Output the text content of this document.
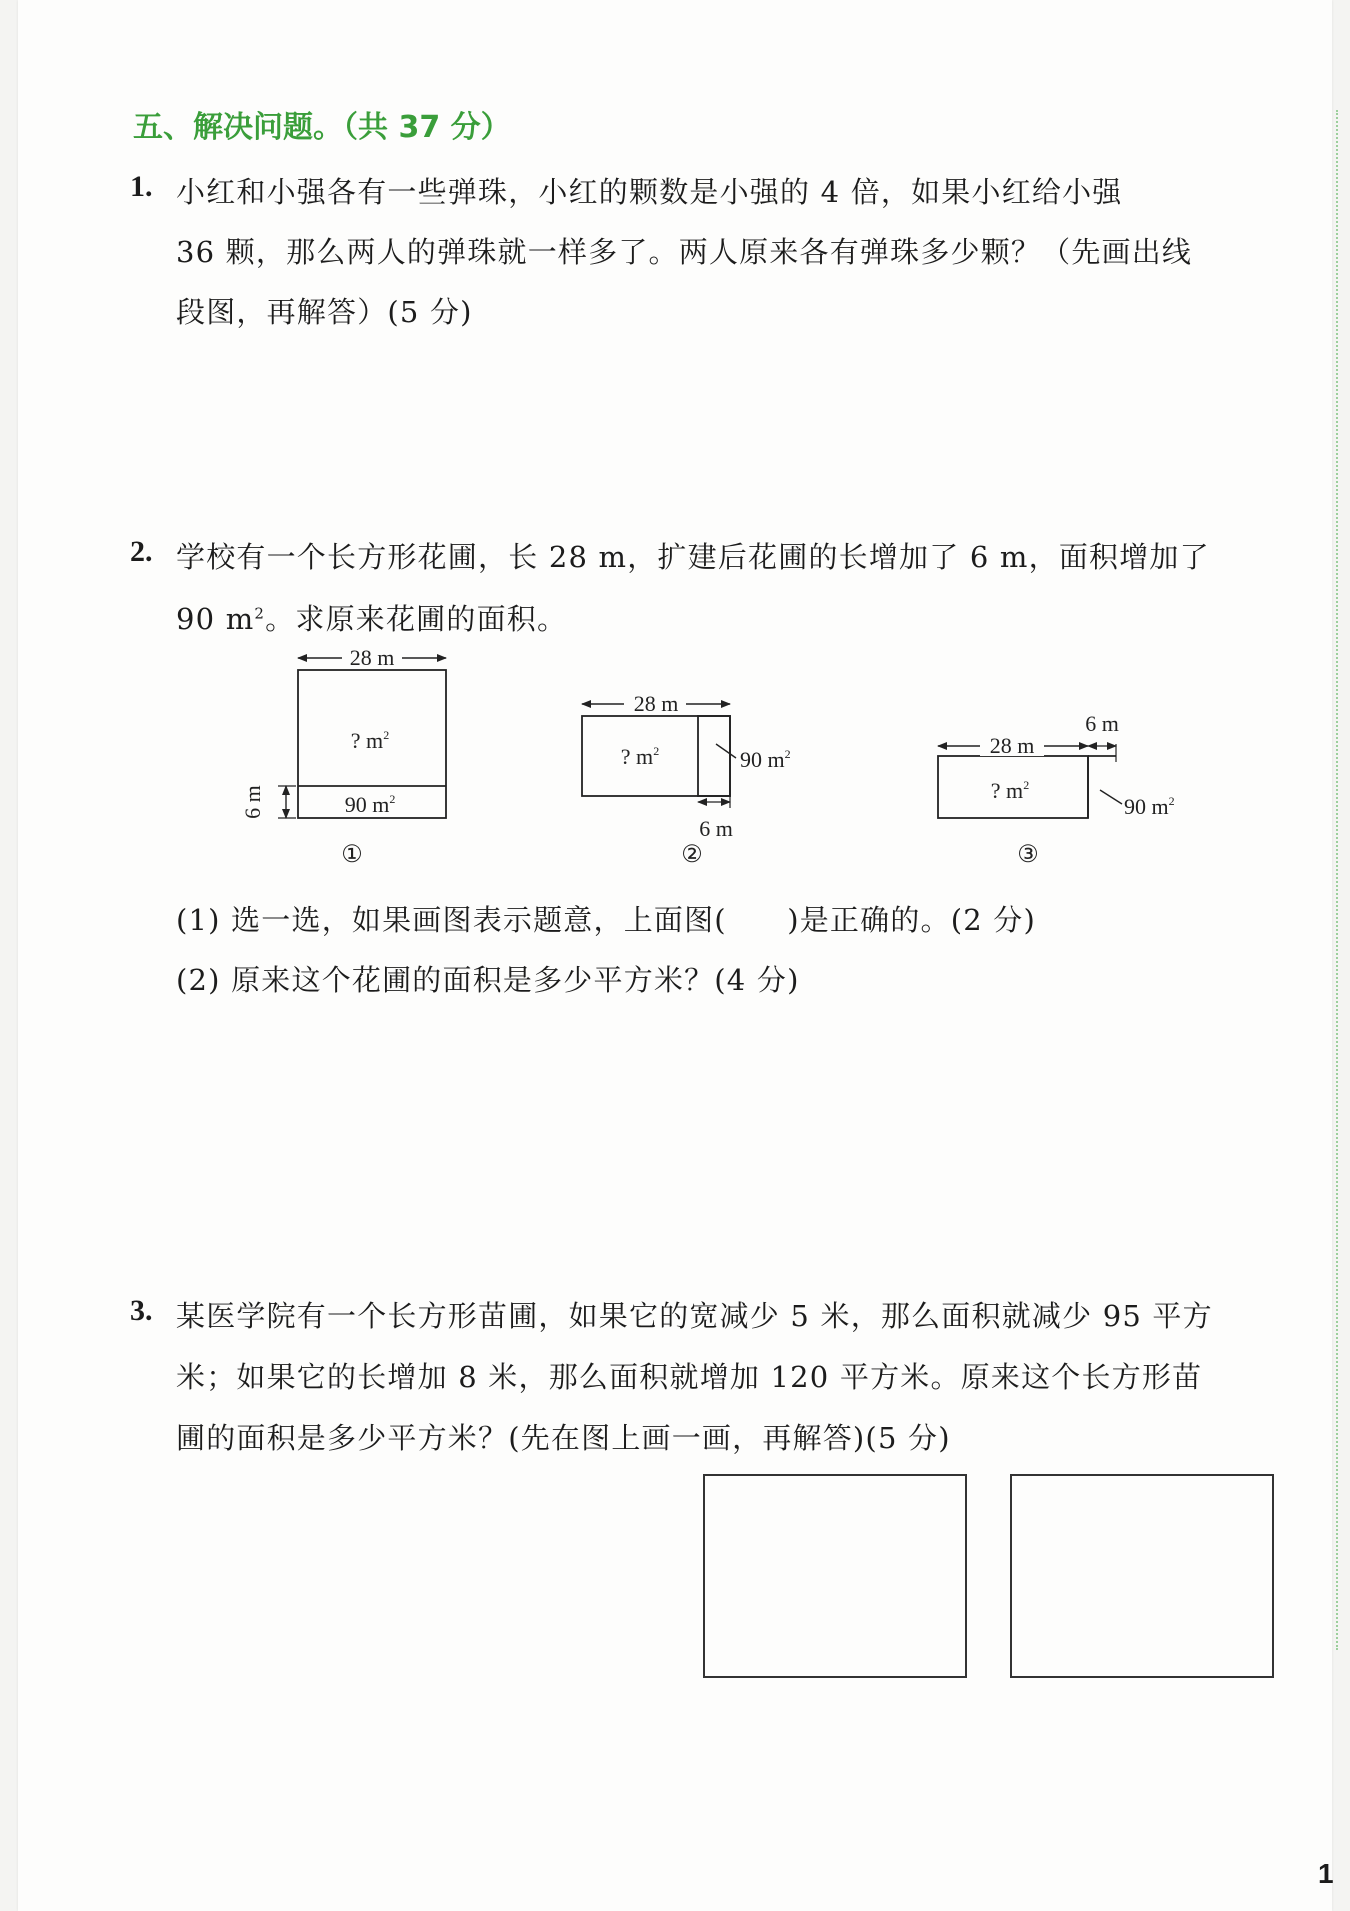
五、解决问题。（共 37 分）
1. 小红和小强各有一些弹珠，小红的颗数是小强的 4 倍，如果小红给小强
36 颗，那么两人的弹珠就一样多了。两人原来各有弹珠多少颗？（先画出线
段图，再解答）(5 分)
2. 学校有一个长方形花圃，长 28 m，扩建后花圃的长增加了 6 m，面积增加了
90 $m^2$。求原来花圃的面积。
28 m
? $m^2$
90 $m^2$
6 m
①
28 m
? $m^2$	90 $m^2$
6 m
②
28 m
6 m
? $m^2$
90 $m^2$
③
(1) 选一选，如果画图表示题意，上面图(　　)是正确的。(2 分)
(2) 原来这个花圃的面积是多少平方米？(4 分)
3. 某医学院有一个长方形苗圃，如果它的宽减少 5 米，那么面积就减少 95 平方
米；如果它的长增加 8 米，那么面积就增加 120 平方米。原来这个长方形苗
圃的面积是多少平方米？(先在图上画一画，再解答)(5 分)
1
